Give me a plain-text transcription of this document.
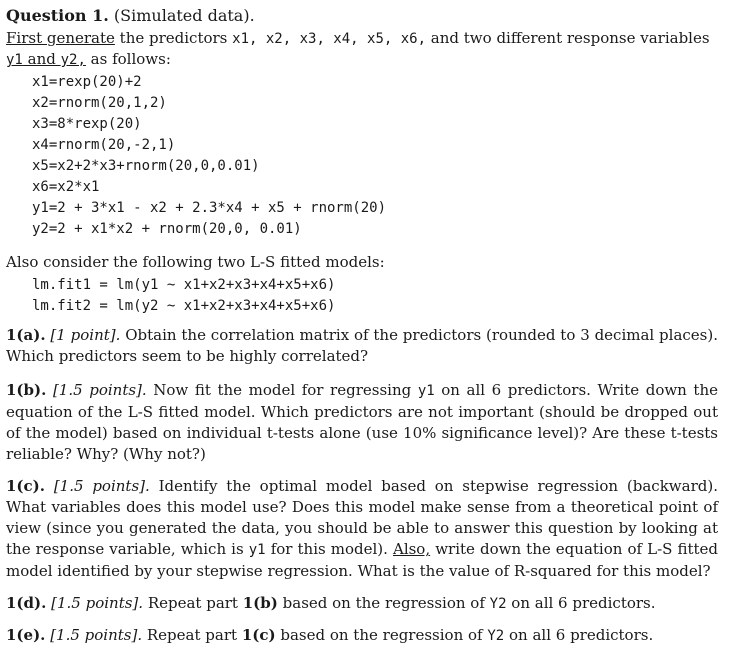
Question 1. (Simulated data).
First generate the predictors x1, x2, x3, x4, x5, x6, and two different response variables
y1 and y2, as follows:
x1=rexp(20)+2
x2=rnorm(20,1,2)
x3=8*rexp(20)
x4=rnorm(20,-2,1)
x5=x2+2*x3+rnorm(20,0,0.01)
x6=x2*x1
y1=2 + 3*x1 - x2 + 2.3*x4 + x5 + rnorm(20)
y2=2 + x1*x2 + rnorm(20,0, 0.01)
Also consider the following two L-S fitted models:
lm.fit1 = lm(y1 ~ x1+x2+x3+x4+x5+x6)
lm.fit2 = lm(y2 ~ x1+x2+x3+x4+x5+x6)
1(a). [1 point]. Obtain the correlation matrix of the predictors (rounded to 3 decimal places). Which predictors seem to be highly correlated?
1(b). [1.5 points]. Now fit the model for regressing y1 on all 6 predictors. Write down the equation of the L-S fitted model. Which predictors are not important (should be dropped out of the model) based on individual t-tests alone (use 10% significance level)? Are these t-tests reliable? Why? (Why not?)
1(c). [1.5 points]. Identify the optimal model based on stepwise regression (backward). What variables does this model use? Does this model make sense from a theoretical point of view (since you generated the data, you should be able to answer this question by looking at the response variable, which is y1 for this model). Also, write down the equation of L-S fitted model identified by your stepwise regression. What is the value of R-squared for this model?
1(d). [1.5 points]. Repeat part 1(b) based on the regression of Y2 on all 6 predictors.
1(e). [1.5 points]. Repeat part 1(c) based on the regression of Y2 on all 6 predictors.
